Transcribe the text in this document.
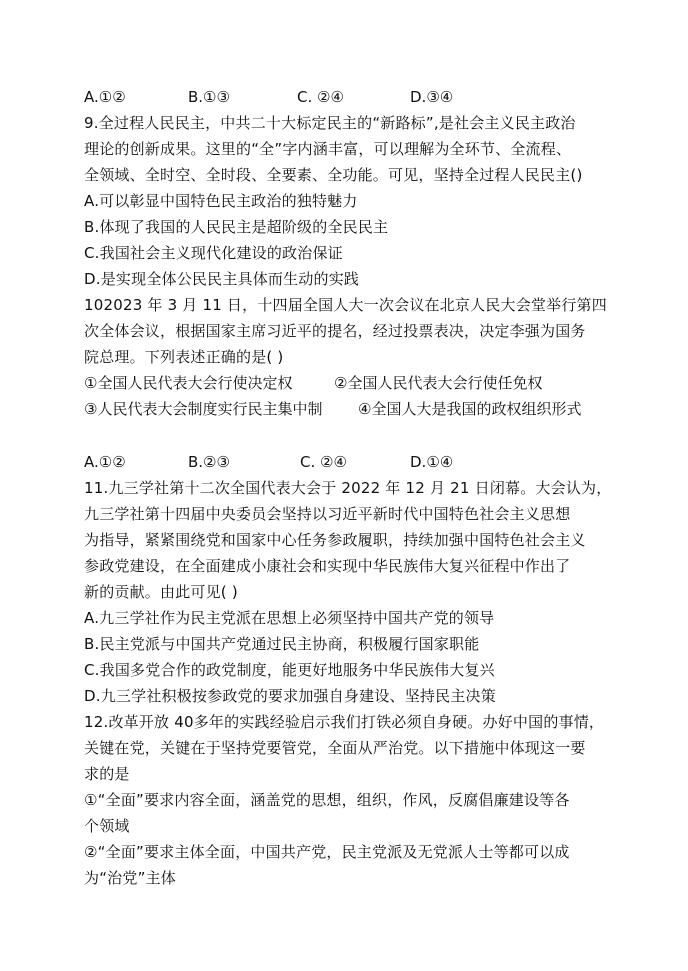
A.①②	B.①③	C. ②④	D.③④
9.全过程人民民主，中共二十大标定民主的“新路标”,是社会主义民主政治
理论的创新成果。这里的“全”字内涵丰富，可以理解为全环节、全流程、
全领域、全时空、全时段、全要素、全功能。可见，坚持全过程人民民主()
A.可以彰显中国特色民主政治的独特魅力
B.体现了我国的人民民主是超阶级的全民民主
C.我国社会主义现代化建设的政治保证
D.是实现全体公民民主具体而生动的实践
102023 年 3 月 11 日，十四届全国人大一次会议在北京人民大会堂举行第四
次全体会议，根据国家主席习近平的提名，经过投票表决，决定李强为国务
院总理。下列表述正确的是( )
①全国人民代表大会行使决定权	②全国人民代表大会行使任免权
③人民代表大会制度实行民主集中制 ④全国人大是我国的政权组织形式
A.①②	B.②③	C. ②④	D.①④
11.九三学社第十二次全国代表大会于 2022 年 12 月 21 日闭幕。大会认为，
九三学社第十四届中央委员会坚持以习近平新时代中国特色社会主义思想
为指导，紧紧围绕党和国家中心任务参政履职，持续加强中国特色社会主义
参政党建设，在全面建成小康社会和实现中华民族伟大复兴征程中作出了
新的贡献。由此可见( )
A.九三学社作为民主党派在思想上必须坚持中国共产党的领导
B.民主党派与中国共产党通过民主协商，积极履行国家职能
C.我国多党合作的政党制度，能更好地服务中华民族伟大复兴
D.九三学社积极按参政党的要求加强自身建设、坚持民主决策
12.改革开放 40多年的实践经验启示我们打铁必须自身硬。办好中国的事情，
关键在党，关键在于坚持党要管党，全面从严治党。以下措施中体现这一要
求的是
①“全面”要求内容全面，涵盖党的思想，组织，作风，反腐倡廉建设等各
个领域
②“全面”要求主体全面，中国共产党，民主党派及无党派人士等都可以成
为“治党”主体
